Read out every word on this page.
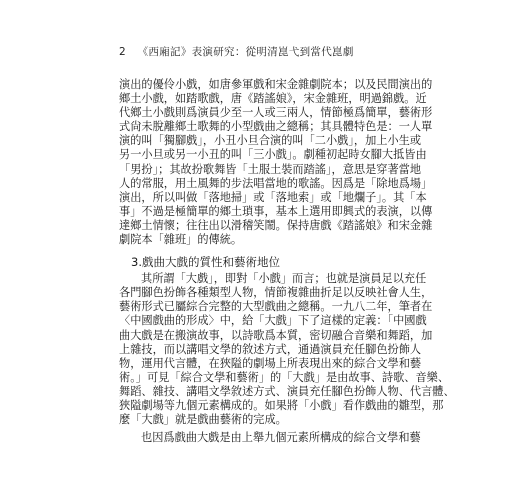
2 《西廂記》表演研究：從明清崑弋到當代崑劇
演出的優伶小戲，如唐參軍戲和宋金雜劇院本；以及民間演出的
鄉土小戲，如踏歌戲，唐《踏謠娘》，宋金雜班，明過錦戲。近
代鄉土小戲則爲演員少至一人或三兩人，情節極爲簡單，藝術形
式尙未脫離鄉土歌舞的小型戲曲之總稱；其具體特色是：一人單
演的叫「獨腳戲」，小丑小旦合演的叫「二小戲」，加上小生或
另一小旦或另一小丑的叫「三小戲」。劇種初起時女腳大抵皆由
「男扮」；其故扮歌舞皆「土服土裝而踏謠」，意思是穿著當地
人的常服，用土風舞的步法唱當地的歌謠。因爲是「除地爲場」
演出，所以叫做「落地掃」或「落地索」或「地爛子」。其「本
事」不過是極簡單的鄉土瑣事，基本上選用即興式的表演，以傳
達鄉土情懷；往往出以滑稽笑鬧。保持唐戲《踏謠娘》和宋金雜
劇院本「雜班」的傳統。
3.戲曲大戲的質性和藝術地位
其所謂「大戲」，即對「小戲」而言；也就是演員足以充任
各門腳色扮飾各種類型人物，情節複雜曲折足以反映社會人生，
藝術形式已屬綜合完整的大型戲曲之總稱。一九八二年，筆者在
〈中國戲曲的形成〉中，給「大戲」下了這樣的定義：「中國戲
曲大戲是在搬演故事，以詩歌爲本質，密切融合音樂和舞蹈，加
上雜技，而以講唱文學的敘述方式，通過演員充任腳色扮飾人
物，運用代言體，在狹隘的劇場上所表現出來的綜合文學和藝
術。」可見「綜合文學和藝術」的「大戲」是由故事、詩歌、音樂、
舞蹈、雜技、講唱文學敘述方式、演員充任腳色扮飾人物、代言體、
狹隘劇場等九個元素構成的。如果將「小戲」看作戲曲的雛型，那
麼「大戲」就是戲曲藝術的完成。
也因爲戲曲大戲是由上舉九個元素所構成的綜合文學和藝
